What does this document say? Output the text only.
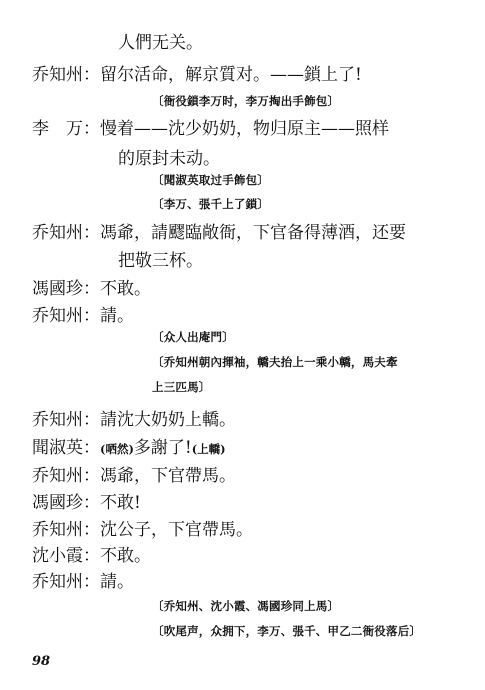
人們无关。
乔知州：留尔活命，解京質对。——鎖上了!
〔衙役鎖李万时，李万掏出手飾包〕
李　万：慢着——沈少奶奶，物归原主——照样
的原封未动。
〔聞淑英取过手飾包〕
〔李万、張千上了鎖〕
乔知州：馮爺，請飂臨敞衙，下官备得薄酒，还要
把敬三杯。
馮國珍：不敢。
乔知州：請。
〔众人出庵門〕
〔乔知州朝內揮袖，轎夫抬上一乘小轎，馬夫牽
上三匹馬〕
乔知州：請沈大奶奶上轎。
聞淑英：(哂然)多謝了!(上轎)
乔知州：馮爺，下官帶馬。
馮國珍：不敢!
乔知州：沈公子，下官帶馬。
沈小霞：不敢。
乔知州：請。
〔乔知州、沈小霞、馮國珍同上馬〕
〔吹尾声，众拥下，李万、張千、甲乙二衙役落后〕
98
